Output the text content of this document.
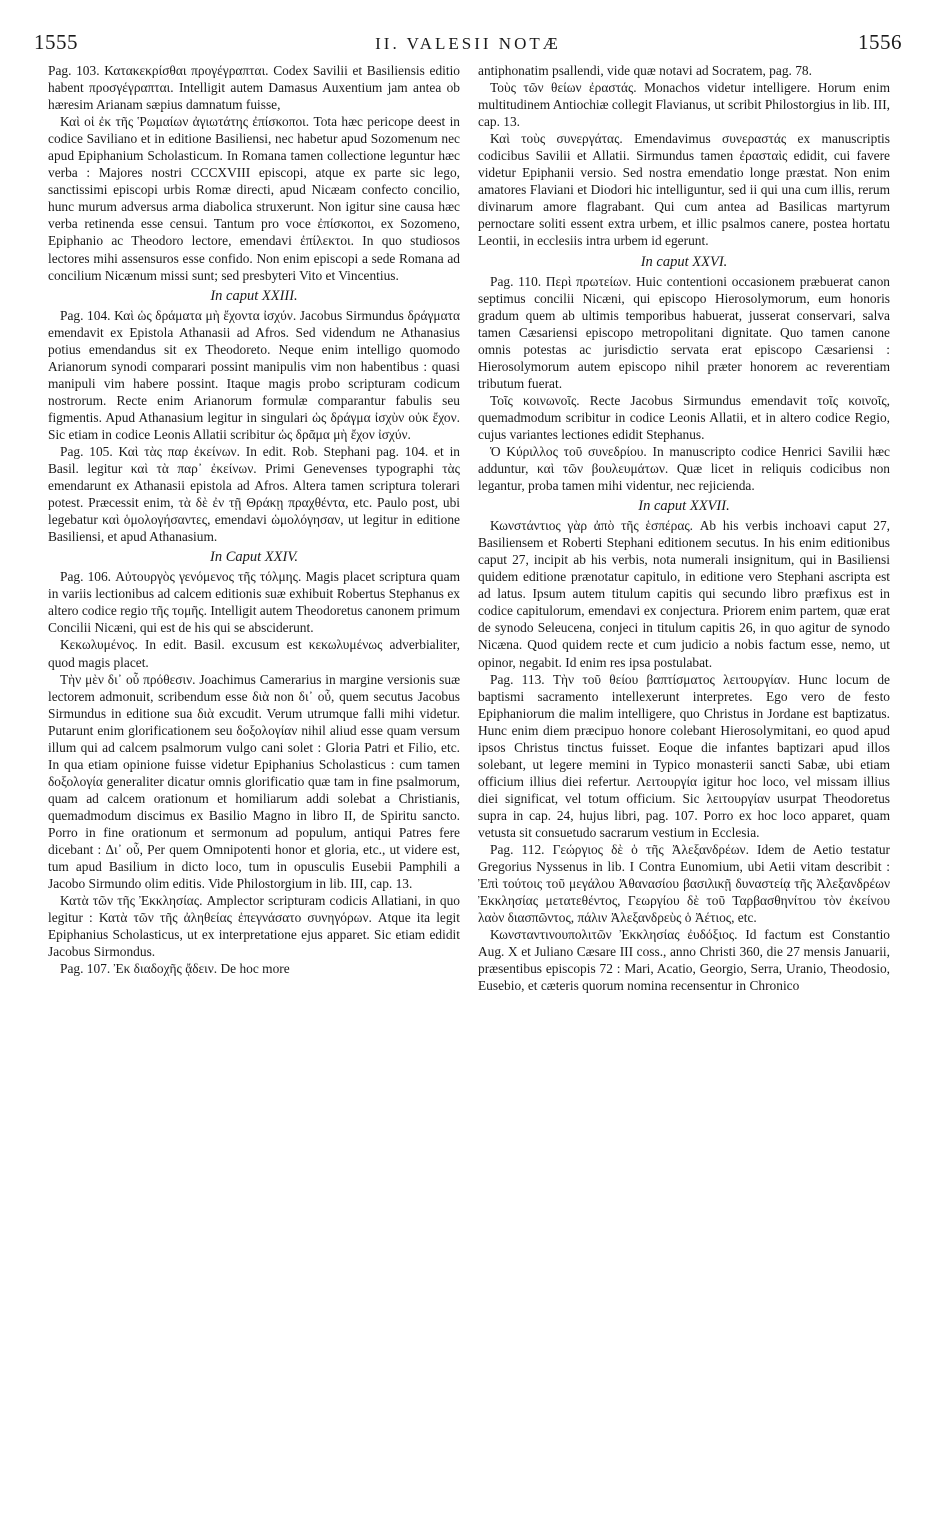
1555	II. VALESII NOTÆ	1556

Pag. 103. Κατακεκρίσθαι προγέγραπται. Codex Savilii et Basiliensis editio habent προσγέγραπται. Intelligit autem Damasus Auxentium jam antea ob hæresim Arianam sæpius damnatum fuisse,

Καὶ οἱ ἐκ τῆς Ῥωμαίων ἀγιωτάτης ἐπίσκοποι. Tota hæc pericope deest in codice Saviliano et in editione Basiliensi, nec habetur apud Sozomenum nec apud Epiphanium Scholasticum. In Romana tamen collectione leguntur hæc verba : Majores nostri CCCXVIII episcopi, atque ex parte sic lego, sanctissimi episcopi urbis Romæ directi, apud Nicæam confecto concilio, hunc murum adversus arma diabolica struxerunt. Non igitur sine causa hæc verba retinenda esse censui. Tantum pro voce ἐπίσκοποι, ex Sozomeno, Epiphanio ac Theodoro lectore, emendavi ἐπίλεκτοι. In quo studiosos lectores mihi assensuros esse confido. Non enim episcopi a sede Romana ad concilium Nicænum missi sunt; sed presbyteri Vito et Vincentius.

In caput XXIII.

Pag. 104. Καὶ ὡς δράματα μὴ ἔχοντα ἰσχύν. Jacobus Sirmundus δράγματα emendavit ex Epistola Athanasii ad Afros. Sed videndum ne Athanasius potius emendandus sit ex Theodoreto. Neque enim intelligo quomodo Arianorum synodi comparari possint manipulis vim non habentibus : quasi manipuli vim habere possint. Itaque magis probo scripturam codicum nostrorum. Recte enim Arianorum formulæ comparantur fabulis seu figmentis. Apud Athanasium legitur in singulari ὡς δράγμα ἰσχὺν οὐκ ἔχον. Sic etiam in codice Leonis Allatii scribitur ὡς δρᾶμα μὴ ἔχον ἰσχύν.

Pag. 105. Καὶ τὰς παρ ἐκείνων. In edit. Rob. Stephani pag. 104. et in Basil. legitur καὶ τὰ παρ᾽ ἐκείνων. Primi Genevenses typographi τὰς emendarunt ex Athanasii epistola ad Afros. Altera tamen scriptura tolerari potest. Præcessit enim, τὰ δὲ ἐν τῇ Θράκῃ πραχθέντα, etc. Paulo post, ubi legebatur καὶ ὁμολογήσαντες, emendavi ὡμολόγησαν, ut legitur in editione Basiliensi, et apud Athanasium.

In Caput XXIV.

Pag. 106. Αὐτουργὸς γενόμενος τῆς τόλμης. Magis placet scriptura quam in variis lectionibus ad calcem editionis suæ exhibuit Robertus Stephanus ex altero codice regio τῆς τομῆς. Intelligit autem Theodoretus canonem primum Concilii Nicæni, qui est de his qui se absciderunt.

Κεκωλυμένος. In edit. Basil. excusum est κεκωλυμένως adverbialiter, quod magis placet.

Τὴν μὲν δι᾽ οὗ πρόθεσιν. Joachimus Camerarius in margine versionis suæ lectorem admonuit, scribendum esse διὰ non δι᾽ οὗ, quem secutus Jacobus Sirmundus in editione sua διὰ excudit. Verum utrumque falli mihi videtur. Putarunt enim glorificationem seu δοξολογίαν nihil aliud esse quam versum illum qui ad calcem psalmorum vulgo cani solet : Gloria Patri et Filio, etc. In qua etiam opinione fuisse videtur Epiphanius Scholasticus : cum tamen δοξολογία generaliter dicatur omnis glorificatio quæ tam in fine psalmorum, quam ad calcem orationum et homiliarum addi solebat a Christianis, quemadmodum discimus ex Basilio Magno in libro II, de Spiritu sancto. Porro in fine orationum et sermonum ad populum, antiqui Patres fere dicebant : Δι᾽ οὗ, Per quem Omnipotenti honor et gloria, etc., ut videre est, tum apud Basilium in dicto loco, tum in opusculis Eusebii Pamphili a Jacobo Sirmundo olim editis. Vide Philostorgium in lib. III, cap. 13.

Κατὰ τῶν τῆς Ἐκκλησίας. Amplector scripturam codicis Allatiani, in quo legitur : Κατὰ τῶν τῆς ἀληθείας ἐπεγνάσατο συνηγόρων. Atque ita legit Epiphanius Scholasticus, ut ex interpretatione ejus apparet. Sic etiam edidit Jacobus Sirmondus.

Pag. 107. Ἐκ διαδοχῆς ᾄδειν. De hoc more

antiphonatim psallendi, vide quæ notavi ad Socratem, pag. 78.

Τοὺς τῶν θείων ἐραστάς. Monachos videtur intelligere. Horum enim multitudinem Antiochiæ collegit Flavianus, ut scribit Philostorgius in lib. III, cap. 13.

Καὶ τοὺς συνεργάτας. Emendavimus συνεραστάς ex manuscriptis codicibus Savilii et Allatii. Sirmundus tamen ἐρασταὶς edidit, cui favere videtur Epiphanii versio. Sed nostra emendatio longe præstat. Non enim amatores Flaviani et Diodori hic intelliguntur, sed ii qui una cum illis, rerum divinarum amore flagrabant. Qui cum antea ad Basilicas martyrum pernoctare soliti essent extra urbem, et illic psalmos canere, postea hortatu Leontii, in ecclesiis intra urbem id egerunt.

In caput XXVI.

Pag. 110. Περὶ πρωτείων. Huic contentioni occasionem præbuerat canon septimus concilii Nicæni, qui episcopo Hierosolymorum, eum honoris gradum quem ab ultimis temporibus habuerat, jusserat conservari, salva tamen Cæsariensi episcopo metropolitani dignitate. Quo tamen canone omnis potestas ac jurisdictio servata erat episcopo Cæsariensi : Hierosolymorum autem episcopo nihil præter honorem ac reverentiam tributum fuerat.

Τοῖς κοινωνοῖς. Recte Jacobus Sirmundus emendavit τοῖς κοινοῖς, quemadmodum scribitur in codice Leonis Allatii, et in altero codice Regio, cujus variantes lectiones edidit Stephanus.

Ὁ Κύριλλος τοῦ συνεδρίου. In manuscripto codice Henrici Savilii hæc adduntur, καὶ τῶν βουλευμάτων. Quæ licet in reliquis codicibus non legantur, proba tamen mihi videntur, nec rejicienda.

In caput XXVII.

Κωνστάντιος γὰρ ἀπὸ τῆς ἑσπέρας. Ab his verbis inchoavi caput 27, Basiliensem et Roberti Stephani editionem secutus. In his enim editionibus caput 27, incipit ab his verbis, nota numerali insignitum, qui in Basiliensi quidem editione prænotatur capitulo, in editione vero Stephani ascripta est ad latus. Ipsum autem titulum capitis qui secundo libro præfixus est in codice capitulorum, emendavi ex conjectura. Priorem enim partem, quæ erat de synodo Seleucena, conjeci in titulum capitis 26, in quo agitur de synodo Nicæna. Quod quidem recte et cum judicio a nobis factum esse, nemo, ut opinor, negabit. Id enim res ipsa postulabat.

Pag. 113. Τὴν τοῦ θείου βαπτίσματος λειτουργίαν. Hunc locum de baptismi sacramento intellexerunt interpretes. Ego vero de festo Epiphaniorum die malim intelligere, quo Christus in Jordane est baptizatus. Hunc enim diem præcipuo honore colebant Hierosolymitani, eo quod apud ipsos Christus tinctus fuisset. Eoque die infantes baptizari apud illos solebant, ut legere memini in Typico monasterii sancti Sabæ, ubi etiam officium illius diei refertur. Λειτουργία igitur hoc loco, vel missam illius diei significat, vel totum officium. Sic λειτουργίαν usurpat Theodoretus supra in cap. 24, hujus libri, pag. 107. Porro ex hoc loco apparet, quam vetusta sit consuetudo sacrarum vestium in Ecclesia.

Pag. 112. Γεώργιος δὲ ὁ τῆς Ἀλεξανδρέων. Idem de Aetio testatur Gregorius Nyssenus in lib. I Contra Eunomium, ubi Aetii vitam describit : Ἐπὶ τούτοις τοῦ μεγάλου Ἀθανασίου βασιλικῇ δυναστείᾳ τῆς Ἀλεξανδρέων Ἐκκλησίας μετατεθέντος, Γεωργίου δὲ τοῦ Ταρβασθηνίτου τὸν ἐκείνου λαὸν διασπῶντος, πάλιν Ἀλεξανδρεὺς ὁ Ἀέτιος, etc.

Κωνσταντινουπολιτῶν Ἐκκλησίας ἐυδόξιος. Id factum est Constantio Aug. X et Juliano Cæsare III coss., anno Christi 360, die 27 mensis Januarii, præsentibus episcopis 72 : Mari, Acatio, Georgio, Serra, Uranio, Theodosio, Eusebio, et cæteris quorum nomina recensentur in Chronico
